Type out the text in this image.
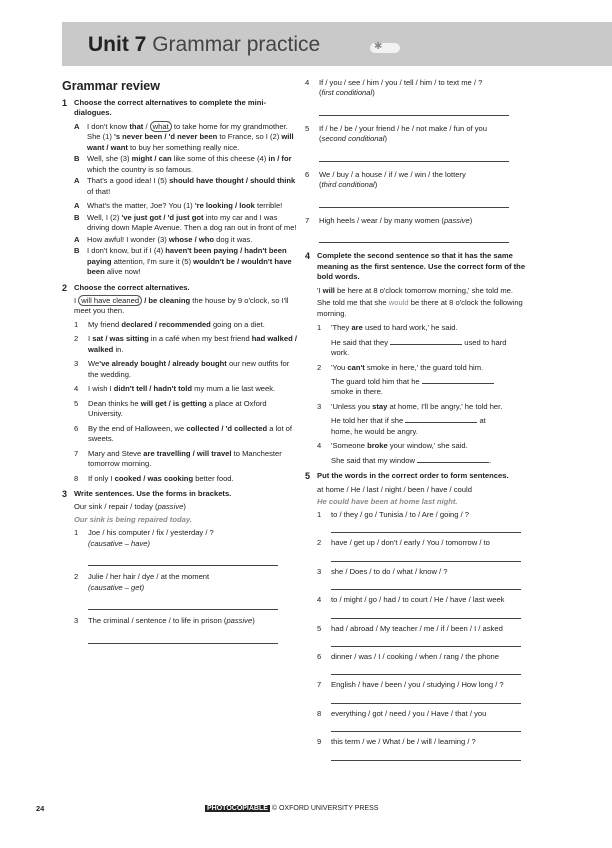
Unit 7 Grammar practice	✱
Grammar review
1 Choose the correct alternatives to complete the mini-dialogues.
A I don't know that / what to take home for my grandmother. She (1) 's never been / 'd never been to France, so I (2) will want / want to buy her something really nice.
B Well, she (3) might / can like some of this cheese (4) in / for which the country is so famous.
A That's a good idea! I (5) should have thought / should think of that!
A What's the matter, Joe? You (1) 're looking / look terrible!
B Well, I (2) 've just got / 'd just got into my car and I was driving down Maple Avenue. Then a dog ran out in front of me!
A How awful! I wonder (3) whose / who dog it was.
B I don't know, but if I (4) haven't been paying / hadn't been paying attention, I'm sure it (5) wouldn't be / wouldn't have been alive now!
2 Choose the correct alternatives.
I will have cleaned / be cleaning the house by 9 o'clock, so I'll meet you then.
1	My friend declared / recommended going on a diet.
2	I sat / was sitting in a café when my best friend had walked / walked in.
3	We've already bought / already bought our new outfits for the wedding.
4	I wish I didn't tell / hadn't told my mum a lie last week.
5	Dean thinks he will get / is getting a place at Oxford University.
6	By the end of Halloween, we collected / 'd collected a lot of sweets.
7	Mary and Steve are travelling / will travel to Manchester tomorrow morning.
8	If only I cooked / was cooking better food.
3 Write sentences. Use the forms in brackets.
Our sink / repair / today (passive)
Our sink is being repaired today.
1	Joe / his computer / fix / yesterday / ?
(causative – have)
2	Julie / her hair / dye / at the moment
(causative – get)
3	The criminal / sentence / to life in prison (passive)
4	If / you / see / him / you / tell / him / to text me / ?
(first conditional)
5	If / he / be / your friend / he / not make / fun of you
(second conditional)
6	We / buy / a house / if / we / win / the lottery
(third conditional)
7	High heels / wear / by many women (passive)
4 Complete the second sentence so that it has the same meaning as the first sentence. Use the correct form of the bold words.
'I will be here at 8 o'clock tomorrow morning,' she told me.
She told me that she would be there at 8 o'clock the following morning.
1	'They are used to hard work,' he said.
He said that they	used to hard
work.
2	'You can't smoke in here,' the guard told him.
The guard told him that he
smoke in there.
3	'Unless you stay at home, I'll be angry,' he told her.
He told her that if she	at
home, he would be angry.
4	'Someone broke your window,' she said.
She said that my window	.
5 Put the words in the correct order to form sentences.
at home / He / last / night / been / have / could
He could have been at home last night.
1	to / they / go / Tunisia / to / Are / going / ?
2	have / get up / don't / early / You / tomorrow / to
3	she / Does / to do / what / know / ?
4	to / might / go / had / to court / He / have / last week
5	had / abroad / My teacher / me / if / been / I / asked
6	dinner / was / I / cooking / when / rang / the phone
7	English / have / been / you / studying / How long / ?
8	everything / got / need / you / Have / that / you
9	this term / we / What / be / will / learning / ?
24	PHOTOCOPIABLE © OXFORD UNIVERSITY PRESS
